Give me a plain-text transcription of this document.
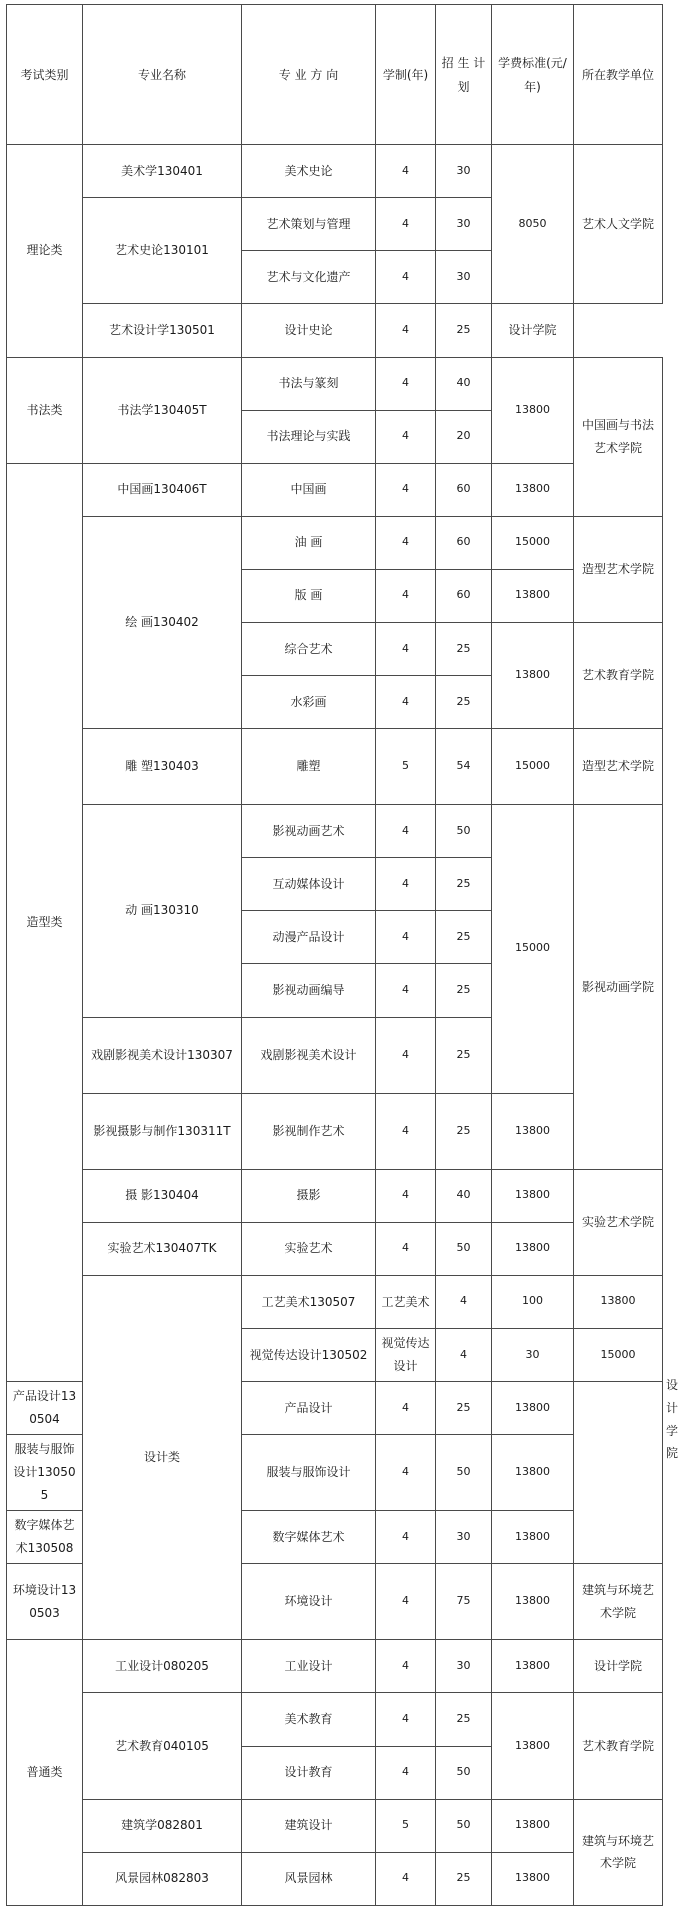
考试类别	专业名称	专 业 方 向	学制(年)	招 生 计 划	学费标准(元/年)	所在教学单位	
理论类	美术学130401	美术史论	4	30	8050	艺术人文学院	
	艺术史论130101	艺术策划与管理	4	30			
		艺术与文化遗产	4	30			
	艺术设计学130501	设计史论	4	25	设计学院		
书法类	书法学130405T	书法与篆刻	4	40	13800	中国画与书法艺术学院	
		书法理论与实践	4	20			
造型类	中国画130406T	中国画	4	60	13800		
	绘 画130402	油 画	4	60	15000	造型艺术学院	
		版 画	4	60	13800		
		综合艺术	4	25	13800	艺术教育学院	
		水彩画	4	25			
	雕 塑130403	雕塑	5	54	15000	造型艺术学院	
	动 画130310	影视动画艺术	4	50	15000	影视动画学院	
		互动媒体设计	4	25			
		动漫产品设计	4	25			
		影视动画编导	4	25			
	戏剧影视美术设计130307	戏剧影视美术设计	4	25			
	影视摄影与制作130311T	影视制作艺术	4	25	13800		
	摄 影130404	摄影	4	40	13800	实验艺术学院	
	实验艺术130407TK	实验艺术	4	50	13800		
	设计类	工艺美术130507	工艺美术	4	100	13800	设计学院
		视觉传达设计130502	视觉传达设计	4	30	15000	
产品设计130504		产品设计	4	25	13800		
服装与服饰设计130505		服装与服饰设计	4	50	13800		
数字媒体艺术130508		数字媒体艺术	4	30	13800		
环境设计130503		环境设计	4	75	13800	建筑与环境艺术学院	
普通类	工业设计080205	工业设计	4	30	13800	设计学院	
	艺术教育040105	美术教育	4	25	13800	艺术教育学院	
		设计教育	4	50			
	建筑学082801	建筑设计	5	50	13800	建筑与环境艺术学院	
	风景园林082803	风景园林	4	25	13800		
